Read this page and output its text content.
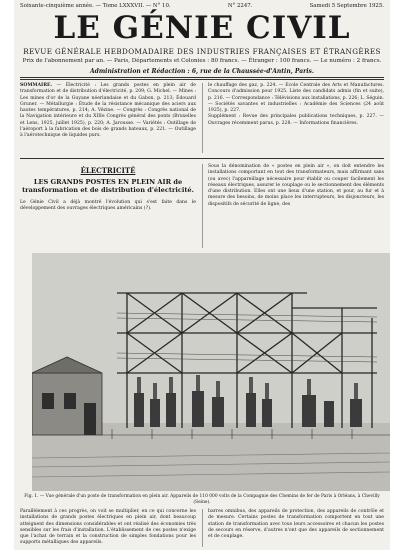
Soixante-cinquième année. — Tome LXXXVII. — N° 10.	N° 2247.	Samedi 5 Septembre 1925.
LE GÉNIE CIVIL
REVUE GÉNÉRALE HEBDOMADAIRE DES INDUSTRIES FRANÇAISES ET ÉTRANGÈRES
Prix de l'abonnement par an. — Paris, Départements et Colonies : 80 francs. — Étranger : 100 francs. — Le numéro : 2 francs.
Administration et Rédaction : 6, rue de la Chaussée-d'Antin, Paris.
SOMMAIRE. — Électricité : Les grands postes en plein air de transformation et de distribution d'électricité, p. 209; G. Michel. — Mines : Les mines d'or de la Guyane néerlandaise et du Gabon, p. 213; Édouard Gruner. — Métallurgie : Étude de la résistance mécanique des aciers aux hautes températures, p. 214; A. Vézine. — Congrès : Congrès national de la Navigation intérieure et du XIIIe Congrès général des ponts (Bruxelles et Lens, 1925, juillet 1925), p. 220; A. Jarousse. — Variétés : Outillage de l'aéroport à la fabrication des bois de grands bateaux, p. 221. — Outillage à l'aérotechnique de liquides purs.
le chauffage des gaz, p. 224. — Ecole Centrale des Arts et Manufactures. Concours d'admission pour 1925. Liste des candidats admis (fin et suite), p. 216. — Correspondance : Télévisions aux installations, p. 226; L. Séguin. — Sociétés savantes et industrielles : Académie des Sciences (24 août 1925), p. 227.
Supplément : Revue des principales publications techniques, p. 227. — Ouvrages récemment parus, p. 228. — Informations financières.
ÉLECTRICITÉ
LES GRANDS POSTES EN PLEIN AIR de transformation et de distribution d'électricité.
Le Génie Civil a déjà montré l'évolution qui s'est faite dans le développement des ouvrages électriques américains (?).
Sous la dénomination de « postes en plein air », on doit entendre les installations comportant en tout des transformateurs, mais affirmant sans (ou avec) l'appareillage nécessaire pour établir ou couper facilement les réseaux électriques, assurer le couplage ou le sectionnement des éléments d'une distribution. Elles ont une lieux d'une station, et pour, au fur et à mesure des besoins, de moins place les interrupteurs, les disjoncteurs, les dispositifs de sécurité de ligne, des
Fig. 1. — Vue générale d'un poste de transformation en plein air. Appareils de 110 000 volts de la Compagnie des Chemins de fer de Paris à Orléans, à Chevilly (Seine).
Parallèlement à ces progrès, on voit se multiplier, en ce qui concerne les installations de grands postes électriques en plein air, dont beaucoup atteignent des dimensions considérables et ont réalisé des économies très sensibles sur les frais d'installation. L'établissement de ces postes n'exige que l'achat de terrain et la construction de simples fondations pour les supports métalliques des appareils.
barres omnibus, des appareils de protection, des appareils de contrôle et de mesure. Certains postes de transformation comportent en tout une station de transformation avec tous leurs accessoires et chacun les postes de secours en réserve, d'autres n'ont que des appareils de sectionnement et de couplage.
